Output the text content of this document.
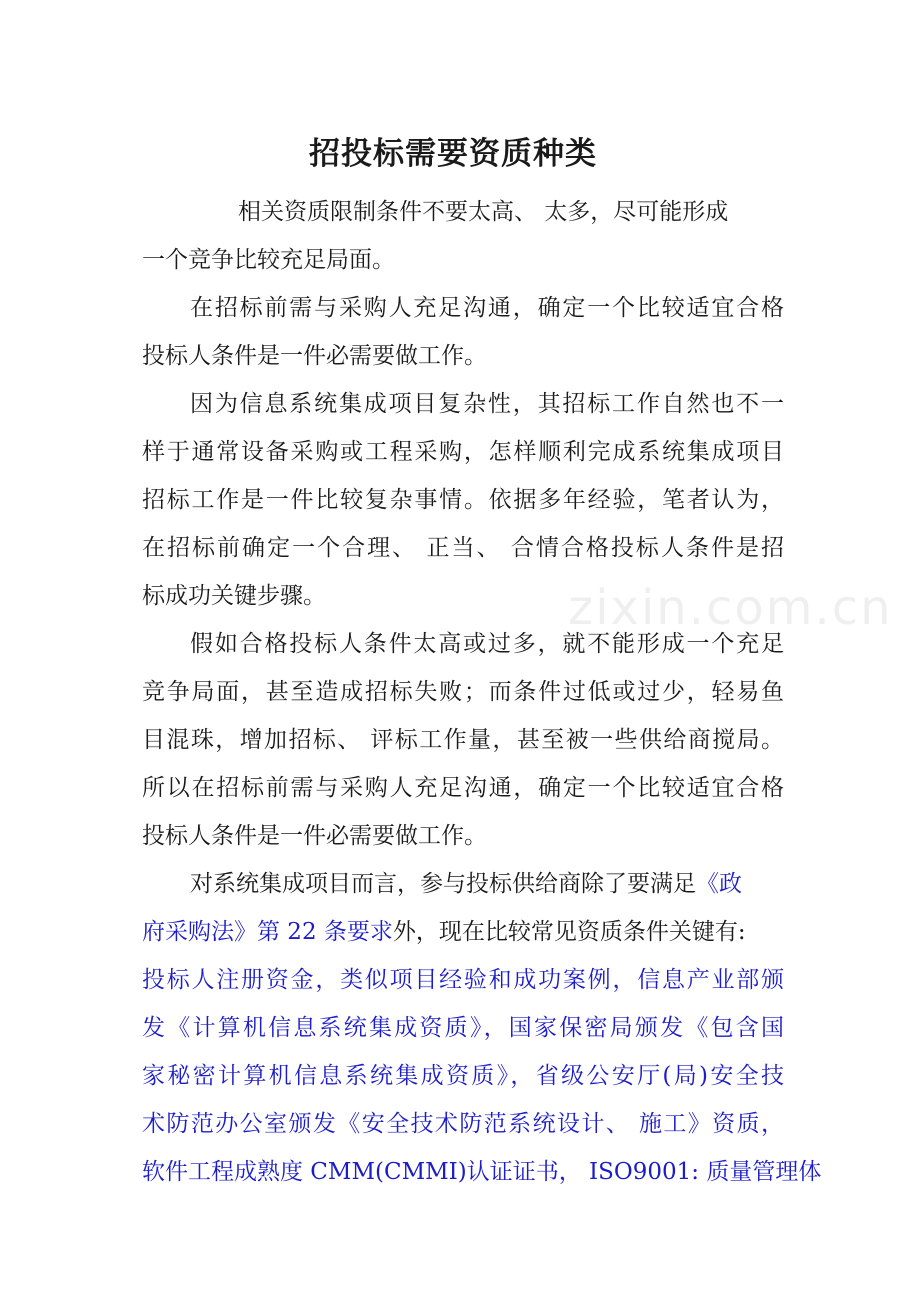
招投标需要资质种类
相关资质限制条件不要太高、 太多，尽可能形成
一个竞争比较充足局面。
在招标前需与采购人充足沟通，确定一个比较适宜合格
投标人条件是一件必需要做工作。
因为信息系统集成项目复杂性，其招标工作自然也不一
样于通常设备采购或工程采购，怎样顺利完成系统集成项目
招标工作是一件比较复杂事情。依据多年经验，笔者认为，
在招标前确定一个合理、 正当、 合情合格投标人条件是招
标成功关键步骤。
假如合格投标人条件太高或过多，就不能形成一个充足
竞争局面，甚至造成招标失败；而条件过低或过少，轻易鱼
目混珠，增加招标、 评标工作量，甚至被一些供给商搅局。
所以在招标前需与采购人充足沟通，确定一个比较适宜合格
投标人条件是一件必需要做工作。
对系统集成项目而言，参与投标供给商除了要满足《政
府采购法》第 22 条要求外，现在比较常见资质条件关键有:
投标人注册资金，类似项目经验和成功案例，信息产业部颁
发《计算机信息系统集成资质》，国家保密局颁发《包含国
家秘密计算机信息系统集成资质》，省级公安厅(局)安全技
术防范办公室颁发《安全技术防范系统设计、 施工》资质，
软件工程成熟度 CMM(CMMI)认证证书， ISO9001: 质量管理体
zixin.com.cn
